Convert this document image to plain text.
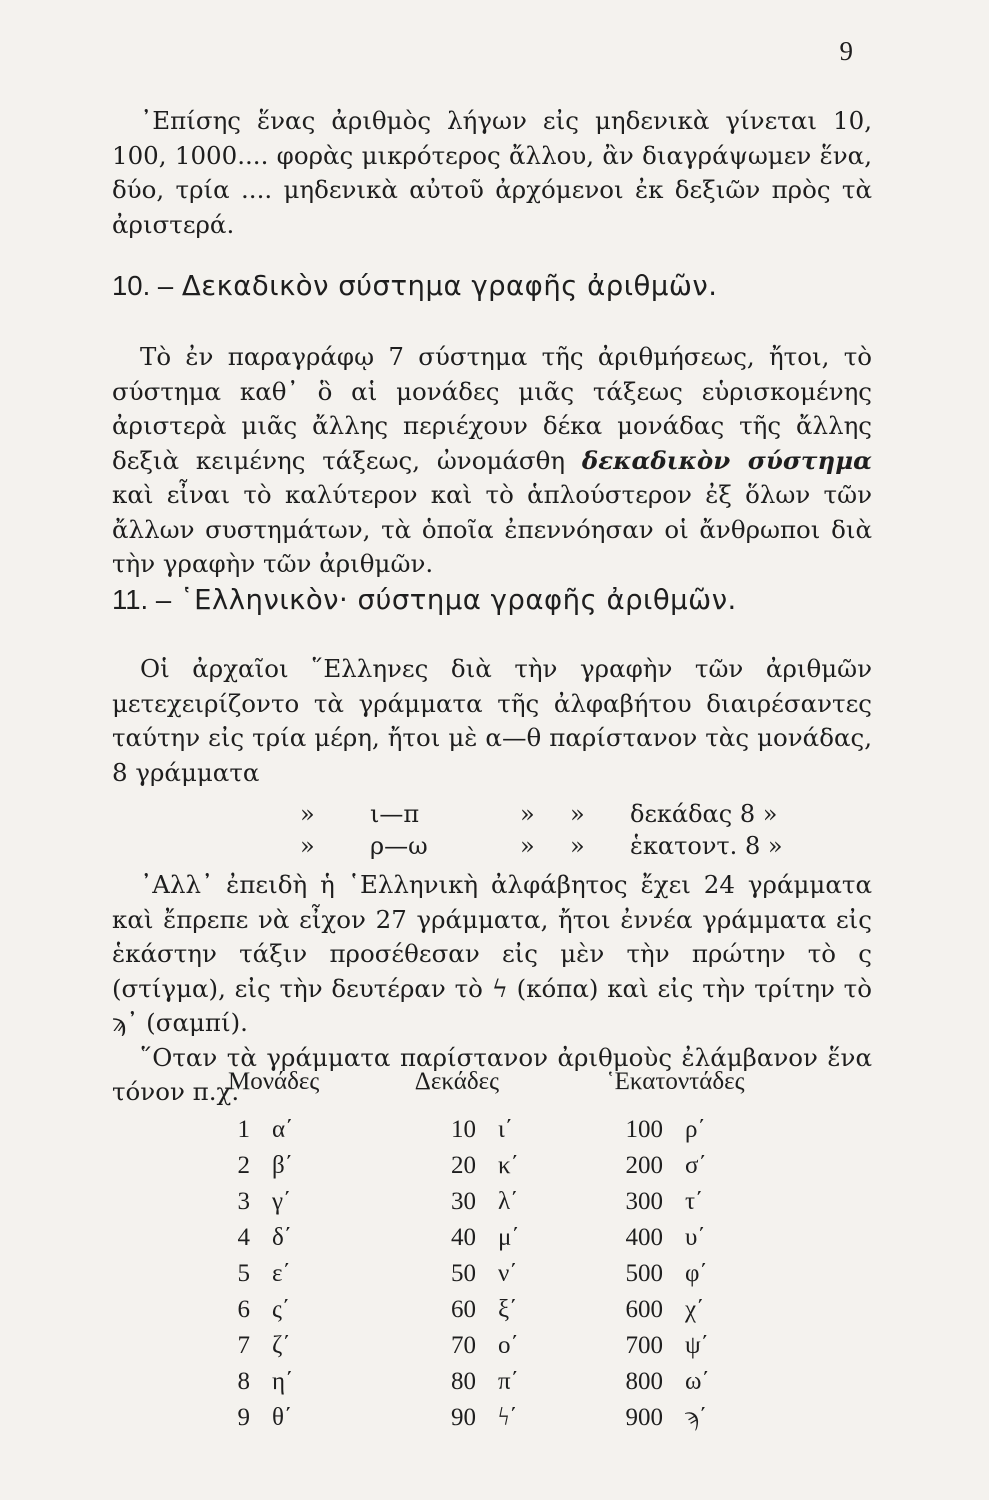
9

᾿Επίσης ἕνας ἀριθμὸς λήγων εἰς μηδενικὰ γίνεται 10, 100, 1000.... φορὰς μικρότερος ἄλλου, ἂν διαγράψωμεν ἕνα, δύο, τρία .... μηδενικὰ αὐτοῦ ἀρχόμενοι ἐκ δεξιῶν πρὸς τὰ ἀριστερά.

10. – Δεκαδικὸν σύστημα γραφῆς ἀριθμῶν.

Τὸ ἐν παραγράφῳ 7 σύστημα τῆς ἀριθμήσεως, ἤτοι, τὸ σύστημα καθ᾿ ὃ αἱ μονάδες μιᾶς τάξεως εὑρισκομένης ἀριστερὰ μιᾶς ἄλλης περιέχουν δέκα μονάδας τῆς ἄλλης δεξιὰ κειμένης τάξεως, ὠνομάσθη δεκαδικὸν σύστημα καὶ εἶναι τὸ καλύτερον καὶ τὸ ἁπλούστερον ἐξ ὅλων τῶν ἄλλων συστημάτων, τὰ ὁποῖα ἐπεννόησαν οἱ ἄνθρωποι διὰ τὴν γραφὴν τῶν ἀριθμῶν.

11. – ῾Ελληνικὸν· σύστημα γραφῆς ἀριθμῶν.

Οἱ ἀρχαῖοι ῞Ελληνες διὰ τὴν γραφὴν τῶν ἀριθμῶν μετεχειρίζοντο τὰ γράμματα τῆς ἀλφαβήτου διαιρέσαντες ταύτην εἰς τρία μέρη, ἤτοι μὲ α—θ παρίστανον τὰς μονάδας, 8 γράμματα

»	ι—π	»	»	δεκάδας 8 »
»	ρ—ω	»	»	ἑκατοντ. 8 »

᾿Αλλ᾿ ἐπειδὴ ἡ ῾Ελληνικὴ ἀλφάβητος ἔχει 24 γράμματα καὶ ἔπρεπε νὰ εἶχον 27 γράμματα, ἤτοι ἐννέα γράμματα εἰς ἑκάστην τάξιν προσέθεσαν εἰς μὲν τὴν πρώτην τὸ ς (στίγμα), εἰς τὴν δευτέραν τὸ ϟ (κόπα) καὶ εἰς τὴν τρίτην τὸ ϡ᾿ (σαμπί).

῞Οταν τὰ γράμματα παρίστανον ἀριθμοὺς ἐλάμβανον ἕνα τόνον π.χ.

Μονάδες	Δεκάδες	῾Εκατοντάδες
1 α΄	10 ι΄	100 ρ΄
2 β΄	20 κ΄	200 σ΄
3 γ΄	30 λ΄	300 τ΄
4 δ΄	40 μ΄	400 υ΄
5 ε΄	50 ν΄	500 φ΄
6 ς΄	60 ξ΄	600 χ΄
7 ζ΄	70 ο΄	700 ψ΄
8 η΄	80 π΄	800 ω΄
9 θ΄	90 ϟ΄	900 ϡ΄
